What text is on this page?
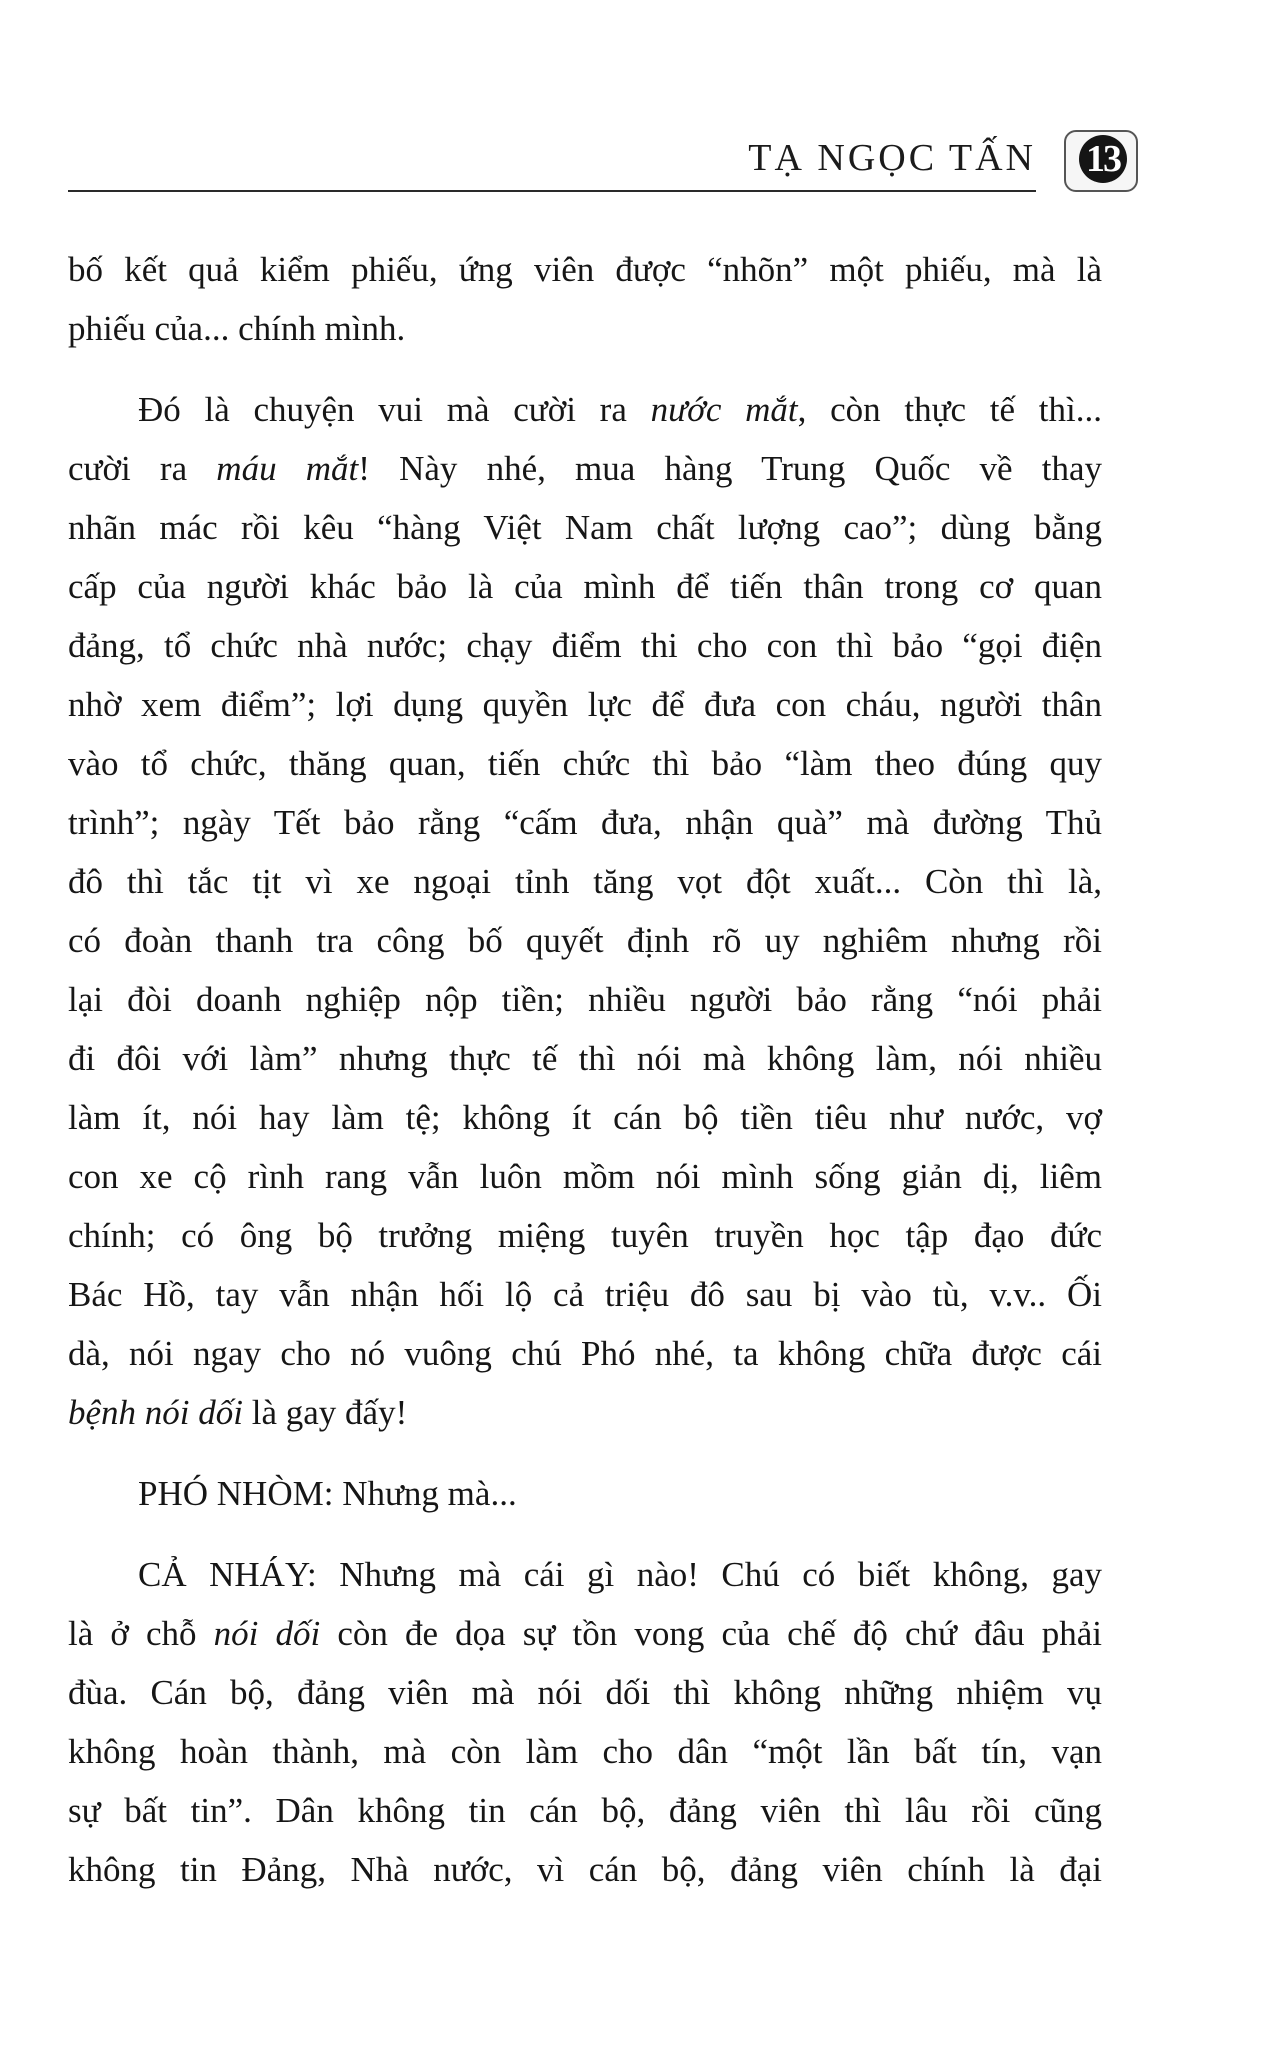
TẠ NGỌC TẤN 13

bố kết quả kiểm phiếu, ứng viên được “nhõn” một phiếu, mà là
phiếu của... chính mình.

Đó là chuyện vui mà cười ra nước mắt, còn thực tế thì...
cười ra máu mắt! Này nhé, mua hàng Trung Quốc về thay
nhãn mác rồi kêu “hàng Việt Nam chất lượng cao”; dùng bằng
cấp của người khác bảo là của mình để tiến thân trong cơ quan
đảng, tổ chức nhà nước; chạy điểm thi cho con thì bảo “gọi điện
nhờ xem điểm”; lợi dụng quyền lực để đưa con cháu, người thân
vào tổ chức, thăng quan, tiến chức thì bảo “làm theo đúng quy
trình”; ngày Tết bảo rằng “cấm đưa, nhận quà” mà đường Thủ
đô thì tắc tịt vì xe ngoại tỉnh tăng vọt đột xuất... Còn thì là,
có đoàn thanh tra công bố quyết định rõ uy nghiêm nhưng rồi
lại đòi doanh nghiệp nộp tiền; nhiều người bảo rằng “nói phải
đi đôi với làm” nhưng thực tế thì nói mà không làm, nói nhiều
làm ít, nói hay làm tệ; không ít cán bộ tiền tiêu như nước, vợ
con xe cộ rình rang vẫn luôn mồm nói mình sống giản dị, liêm
chính; có ông bộ trưởng miệng tuyên truyền học tập đạo đức
Bác Hồ, tay vẫn nhận hối lộ cả triệu đô sau bị vào tù, v.v.. Ối
dà, nói ngay cho nó vuông chú Phó nhé, ta không chữa được cái
bệnh nói dối là gay đấy!

PHÓ NHÒM: Nhưng mà...

CẢ NHÁY: Nhưng mà cái gì nào! Chú có biết không, gay
là ở chỗ nói dối còn đe dọa sự tồn vong của chế độ chứ đâu phải
đùa. Cán bộ, đảng viên mà nói dối thì không những nhiệm vụ
không hoàn thành, mà còn làm cho dân “một lần bất tín, vạn
sự bất tin”. Dân không tin cán bộ, đảng viên thì lâu rồi cũng
không tin Đảng, Nhà nước, vì cán bộ, đảng viên chính là đại
